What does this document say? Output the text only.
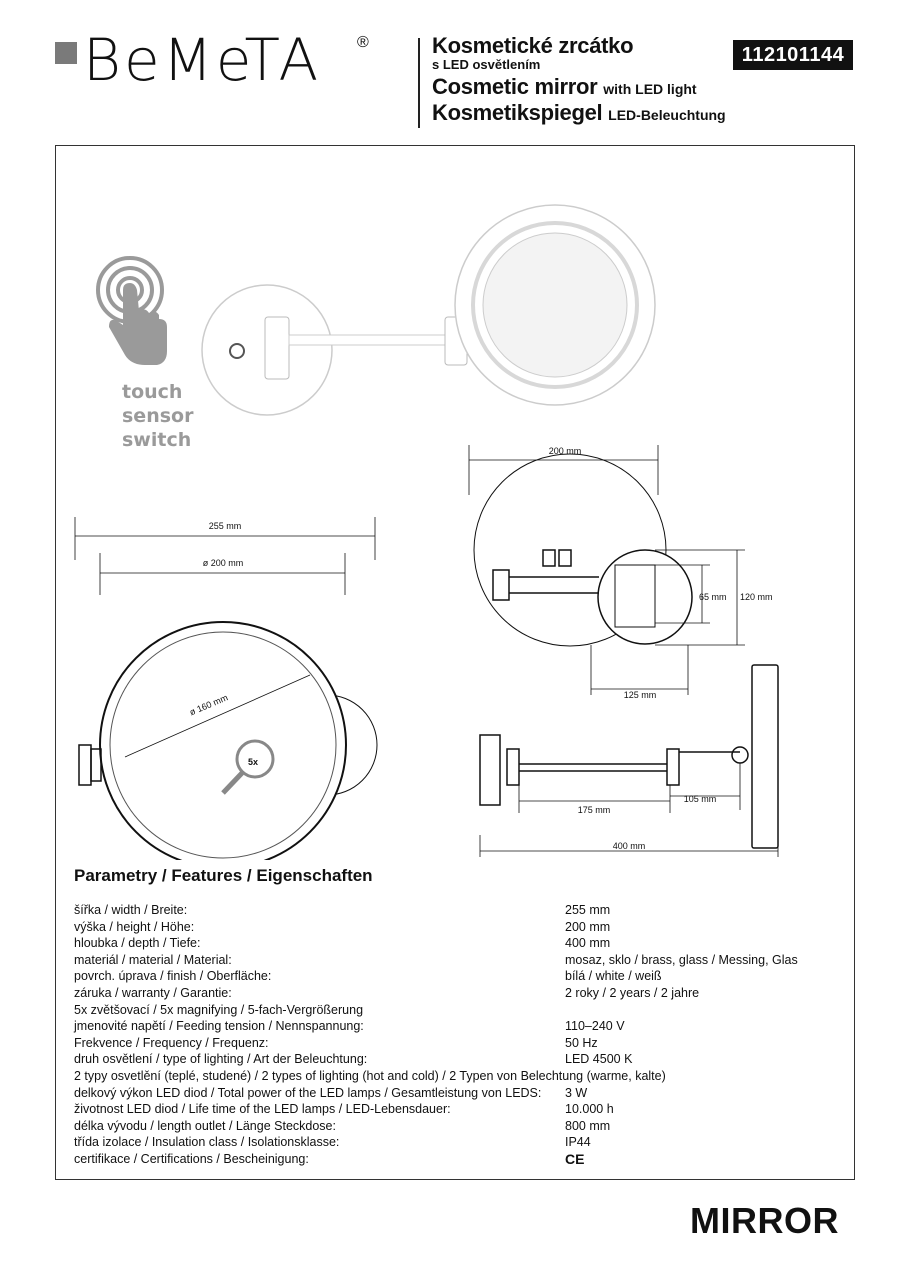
BeMeTA ®	Kosmetické zrcátko
s LED osvětlením
Cosmetic mirror with LED light
Kosmetikspiegel LED-Beleuchtung
112101144
255 mm
ø 200 mm
ø 160 mm
5x
200 mm
120 mm
65 mm
125 mm
175 mm
105 mm
400 mm
touch
sensor
switch
Parametry / Features / Eigenschaften
šířka / width / Breite:	255 mm
výška / height / Höhe:	200 mm
hloubka / depth / Tiefe:	400 mm
materiál / material / Material:	mosaz, sklo / brass, glass / Messing, Glas
povrch. úprava / finish / Oberfläche:	bílá / white / weiß
záruka / warranty / Garantie:	2 roky / 2 years / 2 jahre
5x zvětšovací / 5x magnifying / 5-fach-Vergrößerung
jmenovité napětí / Feeding tension / Nennspannung:	110–240 V
Frekvence / Frequency / Frequenz:	50 Hz
druh osvětlení / type of lighting / Art der Beleuchtung:	LED 4500 K
2 typy osvetlění (teplé, studené) / 2 types of lighting (hot and cold) / 2 Typen von Belechtung (warme, kalte)
delkový výkon LED diod / Total power of the LED lamps / Gesamtleistung von LEDS:	3 W
životnost LED diod / Life time of the LED lamps / LED-Lebensdauer:	10.000 h
délka vývodu / length outlet / Länge Steckdose:	800 mm
třída izolace / Insulation class / Isolationsklasse:	IP44
certifikace / Certifications / Bescheinigung:	CE
MIRROR
